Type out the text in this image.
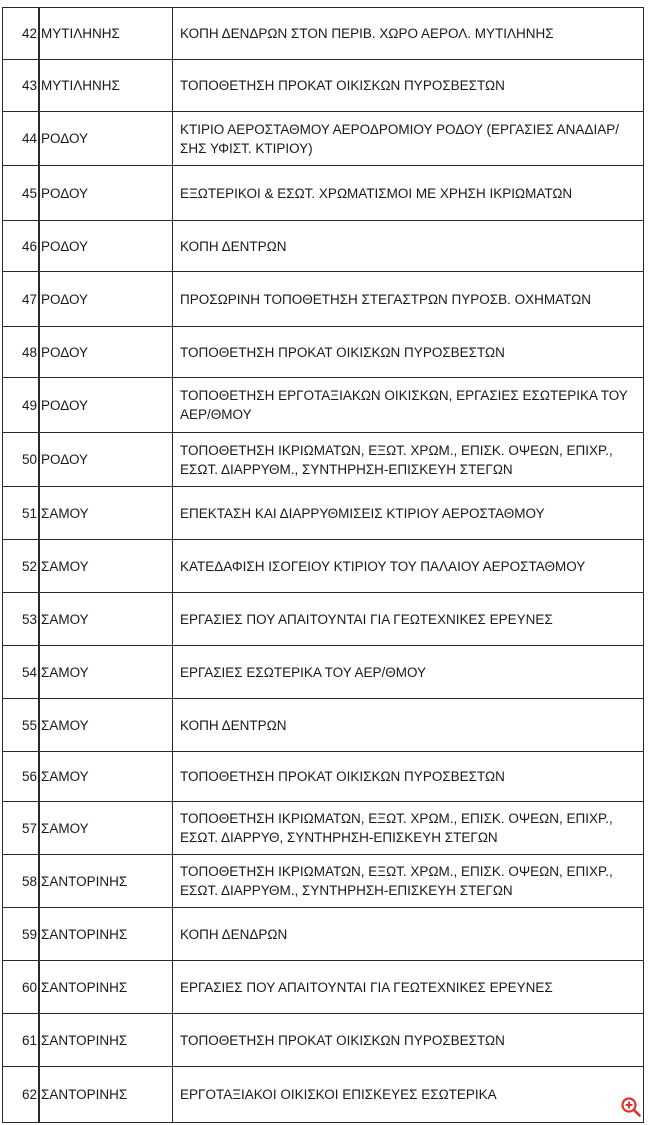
42	ΜΥΤΙΛΗΝΗΣ	ΚΟΠΗ ΔΕΝΔΡΩΝ ΣΤΟΝ ΠΕΡΙΒ. ΧΩΡΟ ΑΕΡΟΛ. ΜΥΤΙΛΗΝΗΣ
43	ΜΥΤΙΛΗΝΗΣ	ΤΟΠΟΘΕΤΗΣΗ ΠΡΟΚΑΤ ΟΙΚΙΣΚΩΝ ΠΥΡΟΣΒΕΣΤΩΝ
44	ΡΟΔΟΥ	ΚΤΙΡΙΟ ΑΕΡΟΣΤΑΘΜΟΥ ΑΕΡΟΔΡΟΜΙΟΥ ΡΟΔΟΥ (ΕΡΓΑΣΙΕΣ ΑΝΑΔΙΑΡ/ΣΗΣ ΥΦΙΣΤ. ΚΤΙΡΙΟΥ)
45	ΡΟΔΟΥ	ΕΞΩΤΕΡΙΚΟΙ & ΕΣΩΤ. ΧΡΩΜΑΤΙΣΜΟΙ ΜΕ ΧΡΗΣΗ ΙΚΡΙΩΜΑΤΩΝ
46	ΡΟΔΟΥ	ΚΟΠΗ ΔΕΝΤΡΩΝ
47	ΡΟΔΟΥ	ΠΡΟΣΩΡΙΝΗ ΤΟΠΟΘΕΤΗΣΗ ΣΤΕΓΑΣΤΡΩΝ ΠΥΡΟΣΒ. ΟΧΗΜΑΤΩΝ
48	ΡΟΔΟΥ	ΤΟΠΟΘΕΤΗΣΗ ΠΡΟΚΑΤ ΟΙΚΙΣΚΩΝ ΠΥΡΟΣΒΕΣΤΩΝ
49	ΡΟΔΟΥ	ΤΟΠΟΘΕΤΗΣΗ ΕΡΓΟΤΑΞΙΑΚΩΝ ΟΙΚΙΣΚΩΝ, ΕΡΓΑΣΙΕΣ ΕΣΩΤΕΡΙΚΑ ΤΟΥ ΑΕΡ/ΘΜΟΥ
50	ΡΟΔΟΥ	ΤΟΠΟΘΕΤΗΣΗ ΙΚΡΙΩΜΑΤΩΝ, ΕΞΩΤ. ΧΡΩΜ., ΕΠΙΣΚ. ΟΨΕΩΝ, ΕΠΙΧΡ., ΕΣΩΤ. ΔΙΑΡΡΥΘΜ., ΣΥΝΤΗΡΗΣΗ-ΕΠΙΣΚΕΥΗ ΣΤΕΓΩΝ
51	ΣΑΜΟΥ	ΕΠΕΚΤΑΣΗ ΚΑΙ ΔΙΑΡΡΥΘΜΙΣΕΙΣ ΚΤΙΡΙΟΥ ΑΕΡΟΣΤΑΘΜΟΥ
52	ΣΑΜΟΥ	ΚΑΤΕΔΑΦΙΣΗ ΙΣΟΓΕΙΟΥ ΚΤΙΡΙΟΥ ΤΟΥ ΠΑΛΑΙΟΥ ΑΕΡΟΣΤΑΘΜΟΥ
53	ΣΑΜΟΥ	ΕΡΓΑΣΙΕΣ ΠΟΥ ΑΠΑΙΤΟΥΝΤΑΙ ΓΙΑ ΓΕΩΤΕΧΝΙΚΕΣ ΕΡΕΥΝΕΣ
54	ΣΑΜΟΥ	ΕΡΓΑΣΙΕΣ ΕΣΩΤΕΡΙΚΑ ΤΟΥ ΑΕΡ/ΘΜΟΥ
55	ΣΑΜΟΥ	ΚΟΠΗ ΔΕΝΤΡΩΝ
56	ΣΑΜΟΥ	ΤΟΠΟΘΕΤΗΣΗ ΠΡΟΚΑΤ ΟΙΚΙΣΚΩΝ ΠΥΡΟΣΒΕΣΤΩΝ
57	ΣΑΜΟΥ	ΤΟΠΟΘΕΤΗΣΗ ΙΚΡΙΩΜΑΤΩΝ, ΕΞΩΤ. ΧΡΩΜ., ΕΠΙΣΚ. ΟΨΕΩΝ, ΕΠΙΧΡ., ΕΣΩΤ. ΔΙΑΡΡΥΘ, ΣΥΝΤΗΡΗΣΗ-ΕΠΙΣΚΕΥΗ ΣΤΕΓΩΝ
58	ΣΑΝΤΟΡΙΝΗΣ	ΤΟΠΟΘΕΤΗΣΗ ΙΚΡΙΩΜΑΤΩΝ, ΕΞΩΤ. ΧΡΩΜ., ΕΠΙΣΚ. ΟΨΕΩΝ, ΕΠΙΧΡ., ΕΣΩΤ. ΔΙΑΡΡΥΘΜ., ΣΥΝΤΗΡΗΣΗ-ΕΠΙΣΚΕΥΗ ΣΤΕΓΩΝ
59	ΣΑΝΤΟΡΙΝΗΣ	ΚΟΠΗ ΔΕΝΔΡΩΝ
60	ΣΑΝΤΟΡΙΝΗΣ	ΕΡΓΑΣΙΕΣ ΠΟΥ ΑΠΑΙΤΟΥΝΤΑΙ ΓΙΑ ΓΕΩΤΕΧΝΙΚΕΣ ΕΡΕΥΝΕΣ
61	ΣΑΝΤΟΡΙΝΗΣ	ΤΟΠΟΘΕΤΗΣΗ ΠΡΟΚΑΤ ΟΙΚΙΣΚΩΝ ΠΥΡΟΣΒΕΣΤΩΝ
62	ΣΑΝΤΟΡΙΝΗΣ	ΕΡΓΟΤΑΞΙΑΚΟΙ ΟΙΚΙΣΚΟΙ ΕΠΙΣΚΕΥΕΣ ΕΣΩΤΕΡΙΚΑ
